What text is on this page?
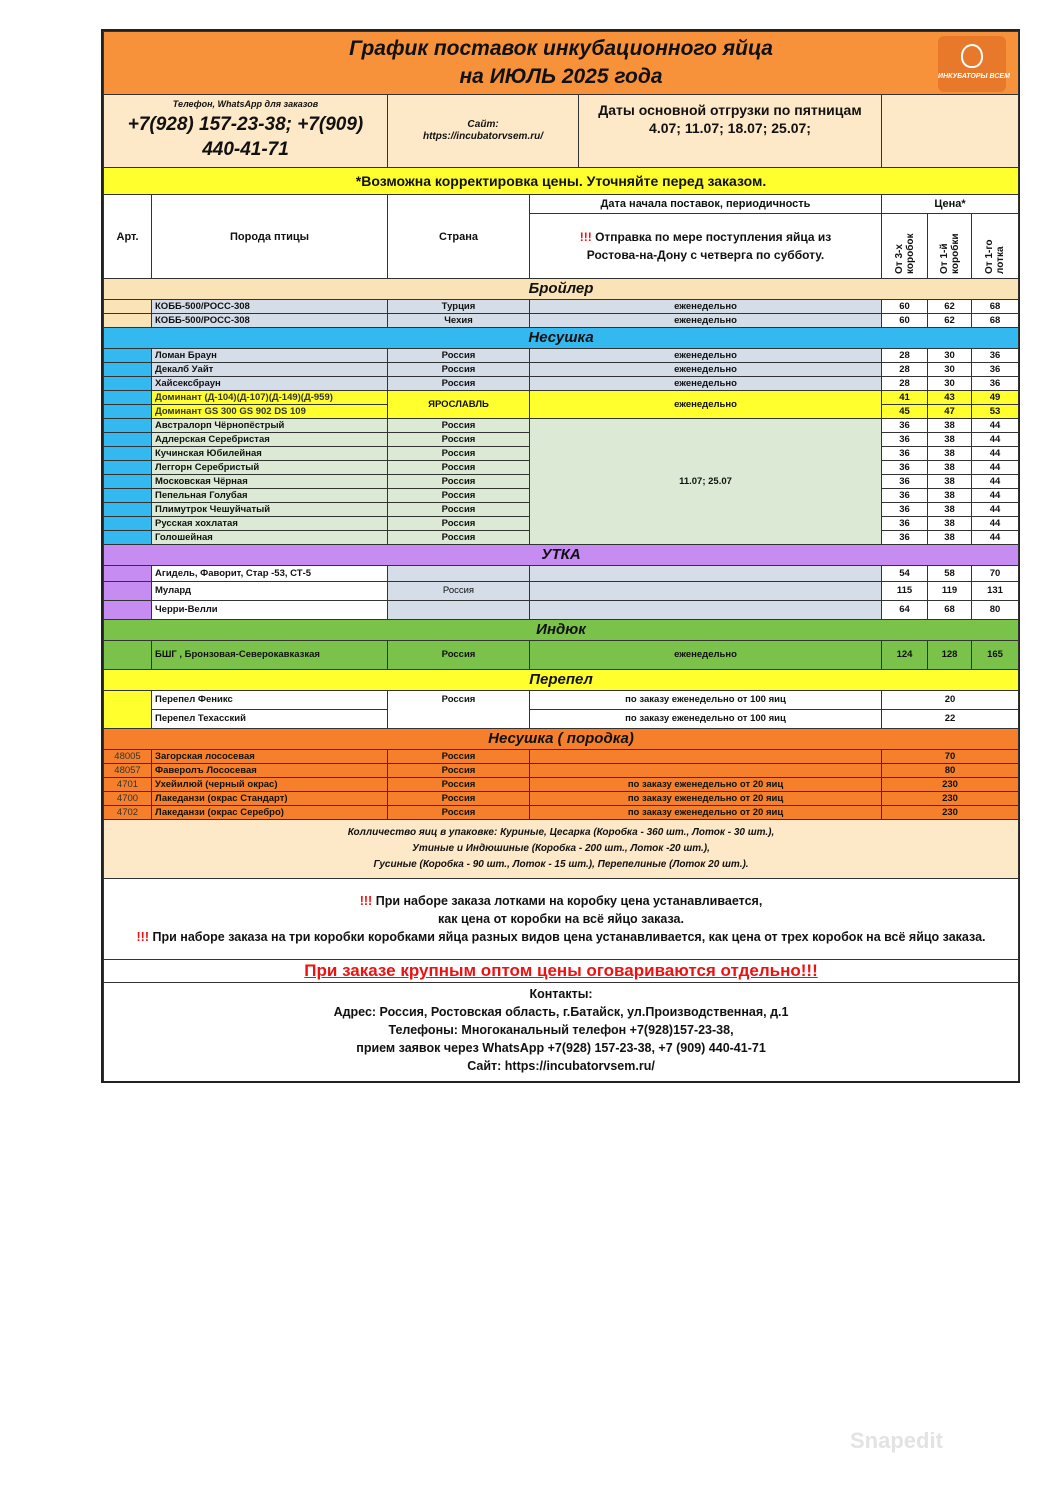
График поставок инкубационного яйца
на ИЮЛЬ 2025 года	ИНКУБАТОРЫ ВСЕМ

Телефон, WhatsApp для заказов
+7(928) 157-23-38; +7(909) 440-41-71

Сайт:
https://incubatorvsem.ru/

Даты основной отгрузки по пятницам
4.07; 11.07; 18.07; 25.07;

*Возможна корректировка цены. Уточняйте перед заказом.
Арт.	Порода птицы	Страна	Дата начала поставок, периодичность	Цена*
!!! Отправка по мере поступления яйца из Ростова-на-Дону с четверга по субботу.	От 3-х коробок	От 1-й коробки	От 1-го лотка
Бройлер
	КОББ-500/РОСС-308	Турция	еженедельно	60	62	68
	КОББ-500/РОСС-308	Чехия	еженедельно	60	62	68
Несушка
	Ломан Браун	Россия	еженедельно	28	30	36
	Декалб Уайт	Россия	еженедельно	28	30	36
	Хайсексбраун	Россия	еженедельно	28	30	36
	Доминант (Д-104)(Д-107)(Д-149)(Д-959)	ЯРОСЛАВЛЬ	еженедельно	41	43	49
	Доминант GS 300 GS 902 DS 109	45	47	53
	Австралорп Чёрнопёстрый	Россия	11.07; 25.07	36	38	44
	Адлерская Серебристая	Россия	36	38	44
	Кучинская Юбилейная	Россия	36	38	44
	Леггорн Серебристый	Россия	36	38	44
	Московская Чёрная	Россия	36	38	44
	Пепельная Голубая	Россия	36	38	44
	Плимутрок Чешуйчатый	Россия	36	38	44
	Русская хохлатая	Россия	36	38	44
	Голошейная	Россия	36	38	44
УТКА
	Агидель, Фаворит, Стар -53, СТ-5			54	58	70
	Мулард	Россия		115	119	131
	Черри-Велли			64	68	80
Индюк
	БШГ , Бронзовая-Северокавказкая	Россия	еженедельно	124	128	165
Перепел
	Перепел Феникс	Россия	по заказу еженедельно от 100 яиц	20
Перепел Техасский	по заказу еженедельно от 100 яиц	22
Несушка ( породка)
48005	Загорская лососевая	Россия		70
48057	Фаверолъ Лососевая	Россия		80
4701	Ухейилюй (черный окрас)	Россия	по заказу еженедельно от 20 яиц	230
4700	Лакеданзи (окрас Стандарт)	Россия	по заказу еженедельно от 20 яиц	230
4702	Лакеданзи (окрас Серебро)	Россия	по заказу еженедельно от 20 яиц	230

Колличество яиц в упаковке: Куриные, Цесарка (Коробка - 360 шт., Лоток - 30 шт.),
Утиные и Индюшиные (Коробка - 200 шт., Лоток -20 шт.),
Гусиные (Коробка - 90 шт., Лоток - 15 шт.), Перепелиные (Лоток 20 шт.).

!!! При наборе заказа лотками на коробку цена устанавливается,
как цена от коробки на всё яйцо заказа.
!!! При наборе заказа на три коробки коробками яйца разных видов цена устанавливается, как цена от трех коробок на всё яйцо заказа.

При заказе крупным оптом цены оговариваются отдельно!!!

Контакты:
Адрес: Россия, Ростовская область, г.Батайск, ул.Производственная, д.1
Телефоны: Многоканальный телефон +7(928)157-23-38,
прием заявок через WhatsApp +7(928) 157-23-38, +7 (909) 440-41-71
Сайт: https://incubatorvsem.ru/
Snapedit
